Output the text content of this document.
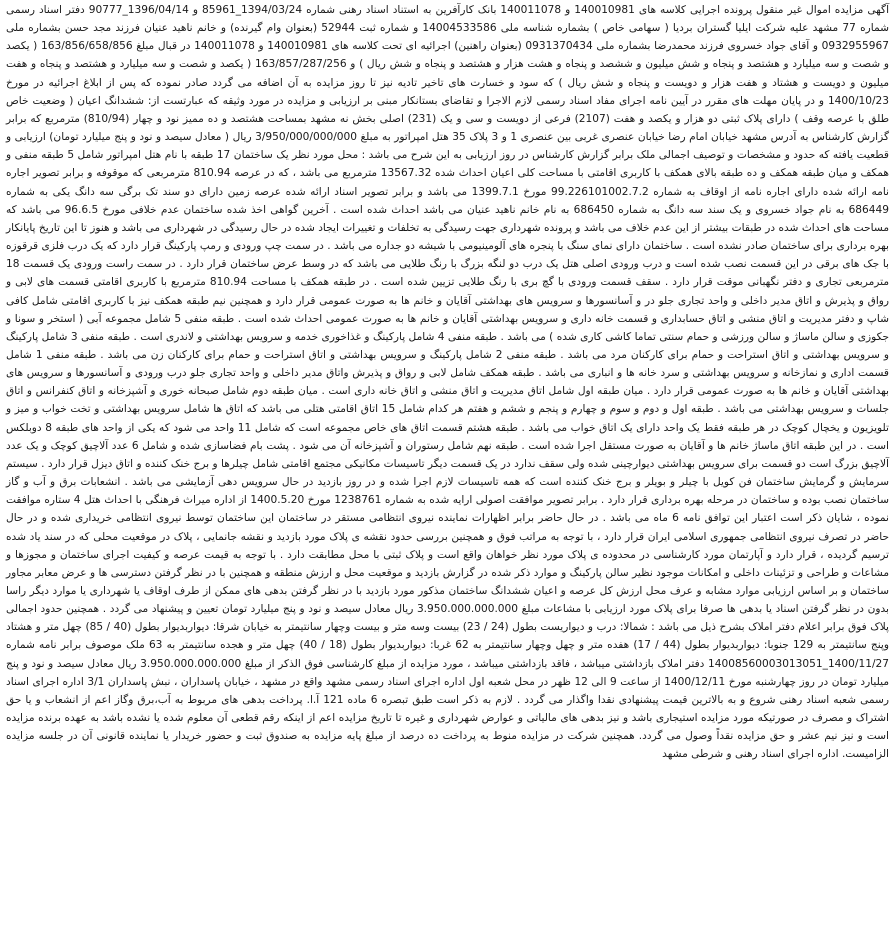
آگهی مزایده اموال غیر منقول پرونده اجرایی کلاسه های 140010981 و 140011078 بانک کارآفرین به استناد اسناد رهنی شماره 1394/03/24_85961 و 1396/04/14_90777 دفتر اسناد رسمی شماره 77 مشهد علیه شرکت ایلیا گستران بردیا ( سهامی خاص ) بشماره شناسه ملی 14004533586 و شماره ثبت 52944 (بعنوان وام گیرنده) و خانم ناهید عنیان فرزند مجد حسن بشماره ملی 0932955967 و آقای جواد خسروی فرزند محمدرضا بشماره ملی 0931370434 (بعنوان راهنین) اجرائیه ای تحت کلاسه های 140010981 و 140011078 در قبال مبلغ 163/856/658/856 ( یکصد و شصت و سه میلیارد و هشتصد و پنجاه و شش میلیون و ششصد و پنجاه و هشت هزار و هشتصد و پنجاه و شش ریال ) و 163/857/287/256 ( یکصد و شصت و سه میلیارد و هشتصد و پنجاه و هفت میلیون و دویست و هشتاد و هفت هزار و دویست و پنجاه و شش ریال ) که سود و خسارت های تاخیر تادیه نیز تا روز مزایده به آن اضافه می گردد صادر نموده که پس از ابلاغ اجرائیه در مورخ 1400/10/23 و در پایان مهلت های مقرر در آیین نامه اجرای مفاد اسناد رسمی لازم الاجرا و تقاضای بستانکار مبنی بر ارزیابی و مزایده در مورد وثیقه که عبارتست از: ششدانگ اعیان ( وضعیت خاص طلق با عرصه وقف ) دارای پلاک ثبتی دو هزار و یکصد و هفت (2107) فرعی از دویست و سی و یک (231) اصلی بخش نه مشهد بمساحت هشتصد و ده ممیز نود و چهار (810/94) مترمربع که برابر گزارش کارشناس به آدرس مشهد خیابان امام رضا خیابان عنصری غربی بین عنصری 1 و 3 پلاک 35 هتل امپراتور به مبلغ 3/950/000/000/000 ریال ( معادل سیصد و نود و پنج میلیارد تومان) ارزیابی و قطعیت یافته که حدود و مشخصات و توصیف اجمالی ملک برابر گزارش کارشناس در روز ارزیابی به این شرح می باشد : محل مورد نظر یک ساختمان 17 طبقه با نام هتل امپراتور شامل 5 طبقه منفی و همکف و میان طبقه همکف و ده طبقه بالای همکف با کاربری اقامتی با مساحت کلی اعیان احداث شده 13567.32 مترمربع می باشد ، که در عرصه 810.94 مترمربعی که موقوفه و برابر تصویر اجاره نامه ارائه شده دارای اجاره نامه از اوقاف به شماره 99.226101002.7.2 مورخ 1399.7.1 می باشد و برابر تصویر اسناد ارائه شده عرصه زمین دارای دو سند تک برگی سه دانگ یکی به شماره 686449 به نام جواد خسروی و یک سند سه دانگ به شماره 686450 به نام خانم ناهید عنیان می باشد احداث شده است . آخرین گواهی اخذ شده ساختمان عدم خلافی مورخ 96.6.5 می باشد که مساحت های احداث شده در طبقات بیشتر از این عدم خلاف می باشد و پرونده شهرداری جهت رسیدگی به تخلفات و تغییرات ایجاد شده در حال رسیدگی در شهرداری می باشد و هنوز تا این تاریخ پایانکار بهره برداری برای ساختمان صادر نشده است . ساختمان دارای نمای سنگ با پنجره های آلومینیومی با شیشه دو جداره می باشد . در سمت چپ ورودی و رمپ پارکینگ قرار دارد که یک درب فلزی قرقوزه با جک های برقی در این قسمت نصب شده است و درب ورودی اصلی هتل یک درب دو لنگه بزرگ با رنگ طلایی می باشد که در وسط عرض ساختمان قرار دارد . در سمت راست ورودی یک قسمت 18 مترمربعی تجاری و دفتر نگهبانی موقت قرار دارد . سقف قسمت ورودی با گچ بری با رنگ طلایی تزیین شده است . در طبقه همکف با مساحت 810.94 مترمربع با کاربری اقامتی قسمت های لابی و رواق و پذیرش و اتاق مدیر داخلی و واحد تجاری جلو در و آسانسورها و سرویس های بهداشتی آقایان و خانم ها به صورت عمومی قرار دارد و همچنین نیم طبقه همکف نیز با کاربری اقامتی شامل کافی شاپ و دفتر مدیریت و اتاق منشی و اتاق حسابداری و قسمت خانه داری و سرویس بهداشتی آقایان و خانم ها به صورت عمومی احداث شده است . طبقه منفی 5 شامل مجموعه آبی ( استخر و سونا و جکوزی و سالن ماساژ و سالن ورزشی و حمام سنتی تماما کاشی کاری شده ) می باشد . طبقه منفی 4 شامل پارکینگ و غذاخوری خدمه و سرویس بهداشتی و لاندری است . طبقه منفی 3 شامل پارکینگ و سرویس بهداشتی و اتاق استراحت و حمام برای کارکنان مرد می باشد . طبقه منفی 2 شامل پارکینگ و سرویس بهداشتی و اتاق استراحت و حمام برای کارکنان زن می باشد . طبقه منفی 1 شامل قسمت اداری و نمازخانه و سرویس بهداشتی و سرد خانه ها و انباری می باشد . طبقه همکف شامل لابی و رواق و پذیرش واتاق مدیر داخلی و واحد تجاری جلو درب ورودی و آسانسورها و سرویس های بهداشتی آقایان و خانم ها به صورت عمومی قرار دارد . میان طبقه اول شامل اتاق مدیریت و اتاق منشی و اتاق خانه داری است . میان طبقه دوم شامل صبحانه خوری و آشپزخانه و اتاق کنفرانس و اتاق جلسات و سرویس بهداشتی می باشد . طبقه اول و دوم و سوم و چهارم و پنجم و ششم و هفتم هر کدام شامل 15 اتاق اقامتی هتلی می باشد که اتاق ها شامل سرویس بهداشتی و تخت خواب و میز و تلویزیون و یخچال کوچک در هر طبقه فقط یک واحد دارای یک اتاق خواب می باشد . طبقه هشتم قسمت اتاق های خاص مجموعه است که شامل 11 واحد می شود که یکی از واحد های طبقه 8 دوبلکس است . در این طبقه اتاق ماساژ خانم ها و آقایان به صورت مستقل اجرا شده است . طبقه نهم شامل رستوران و آشپزخانه آن می شود . پشت بام فضاسازی شده و شامل 6 عدد آلاچیق کوچک و یک عدد آلاچیق بزرگ است دو قسمت برای سرویس بهداشتی دیوارچینی شده ولی سقف ندارد در یک قسمت دیگر تاسیسات مکانیکی مجتمع اقامتی شامل چیلرها و برج خنک کننده و اتاق دیزل قرار دارد . سیستم سرمایش و گرمایش ساختمان فن کویل با چیلر و بویلر و برج خنک کننده است که همه تاسیسات لازم اجرا شده و در روز بازدید در حال سرویس دهی آزمایشی می باشد . انشعابات برق و آب و گاز ساختمان نصب بوده و ساختمان در مرحله بهره برداری قرار دارد . برابر تصویر موافقت اصولی ارایه شده به شماره 1238761 مورخ 1400.5.20 از اداره میراث فرهنگی با احداث هتل 4 ستاره موافقت نموده ، شایان ذکر است اعتبار این توافق نامه 6 ماه می باشد . در حال حاضر برابر اظهارات نماینده نیروی انتظامی مستقر در ساختمان این ساختمان توسط نیروی انتظامی خریداری شده و در حال حاضر در تصرف نیروی انتظامی جمهوری اسلامی ایران قرار دارد ، با توجه به مراتب فوق و همچنین بررسی حدود نقشه ی پلاک مورد بازدید و نقشه جانمایی ، پلاک در موقعیت محلی که در سند یاد شده ترسیم گردیده ، قرار دارد و آپارتمان مورد کارشناسی در محدوده ی پلاک مورد نظر خواهان واقع است و پلاک ثبتی با محل مطابقت دارد . با توجه به قیمت عرصه و کیفیت اجرای ساختمان و مجوزها و مشاعات و طراحی و تزئینات داخلی و امکانات موجود نظیر سالن پارکینگ و موارد ذکر شده در گزارش بازدید و موقعیت محل و ارزش منطقه و همچنین با در نظر گرفتن دسترسی ها و عرض معابر مجاور ساختمان و بر اساس ارزیابی موارد مشابه و عرف محل ارزش کل عرصه و اعیان ششدانگ ساختمان مذکور مورد بازدید با در نظر گرفتن بدهی های ممکن از طرف اوقاف یا شهرداری یا موارد دیگر راسا بدون در نظر گرفتن اسناد یا بدهی ها صرفا برای پلاک مورد ارزیابی با مشاعات مبلغ 3.950.000.000.000 ریال معادل سیصد و نود و پنج میلیارد تومان تعیین و پیشنهاد می گردد . همچنین حدود اجمالی پلاک فوق برابر اعلام دفتر املاک بشرح ذیل می باشد : شمالا: درب و دیواریست بطول (24 / 23) بیست وسه متر و بیست وچهار سانتیمتر به خیابان شرقا: دیواربدیوار بطول (40 / 85) چهل متر و هشتاد وپنج سانتیمتر به 129 جنوبا: دیواربدیوار بطول (44 / 17) هفده متر و چهل وچهار سانتیمتر به 62 غربا: دیواربدیوار بطول (18 / 40) چهل متر و هجده سانتیمتر به 63 ملک موصوف برابر نامه شماره 1400/11/27_14008560003013051 دفتر املاک بازداشتی میباشد ، فاقد بازداشتی میباشد ، مورد مزایده از مبلغ کارشناسی فوق الذکر از مبلغ 3.950.000.000.000 ریال معادل سیصد و نود و پنج میلیارد تومان در روز چهارشنبه مورخ 1400/12/11 از ساعت 9 الی 12 ظهر در محل شعبه اول اداره اجرای اسناد رسمی مشهد واقع در مشهد ، خیابان پاسداران ، نبش پاسداران 3/1 اداره اجرای اسناد رسمی شعبه اسناد رهنی شروع و به بالاترین قیمت پیشنهادی نقدا واگذار می گردد . لازم به ذکر است طبق تبصره 6 ماده 121 آ.ا. پرداخت بدهی های مربوط به آب،برق وگاز اعم از انشعاب و یا حق اشتراک و مصرف در صورتیکه مورد مزایده استیجاری باشد و نیز بدهی های مالیاتی و عوارض شهرداری و غیره تا تاریخ مزایده اعم از اینکه رقم قطعی آن معلوم شده یا نشده باشد به عهده برنده مزایده است و نیز نیم عشر و حق مزایده نقداً وصول می گردد. همچنین شرکت در مزایده منوط به پرداخت ده درصد از مبلغ پایه مزایده به صندوق ثبت و حضور خریدار یا نماینده قانونی آن در جلسه مزایده الزامیست. اداره اجرای اسناد رهنی و شرطی مشهد
